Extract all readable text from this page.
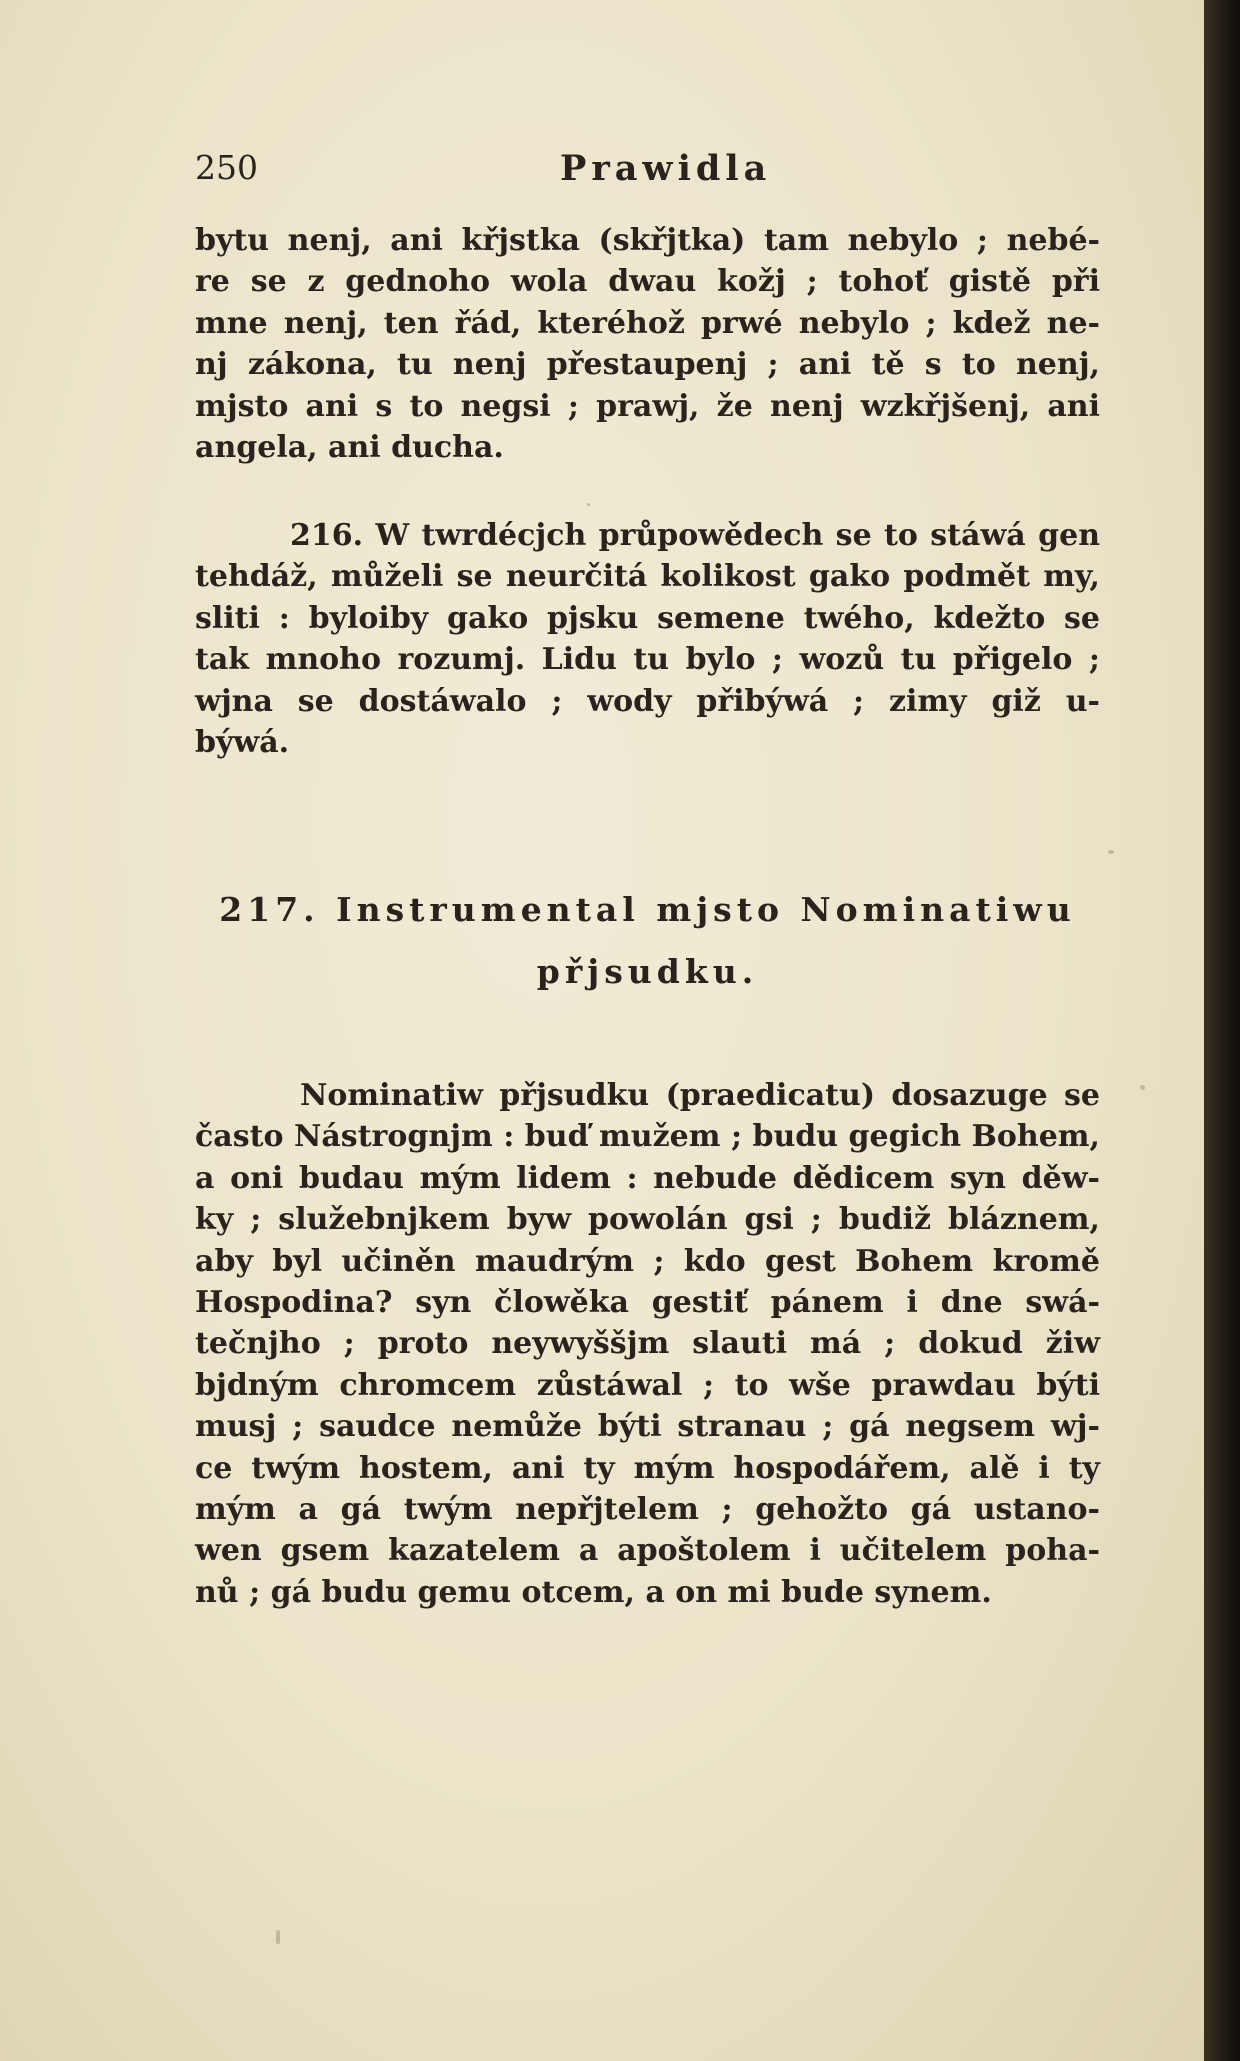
250	Prawidla
bytu nenj, ani křjstka (skřjtka) tam nebylo ; nebé-
re se z gednoho wola dwau kožj ; tohoť gistě při
mne nenj, ten řád, kteréhož prwé nebylo ; kdež ne-
nj zákona, tu nenj přestaupenj ; ani tě s to nenj,
mjsto ani s to negsi ; prawj, že nenj wzkřjšenj, ani
angela, ani ducha.
216. W twrdécjch průpowědech se to stáwá gen
tehdáž, můželi se neurčitá kolikost gako podmět my,
sliti : byloiby gako pjsku semene twého, kdežto se
tak mnoho rozumj. Lidu tu bylo ; wozů tu přigelo ;
wjna se dostáwalo ; wody přibýwá ; zimy giž u-
býwá.
217. Instrumental mjsto Nominatiwu
přjsudku.
Nominatiw přjsudku (praedicatu) dosazuge se
často Nástrognjm : buď mužem ; budu gegich Bohem,
a oni budau mým lidem : nebude dědicem syn děw-
ky ; služebnjkem byw powolán gsi ; budiž bláznem,
aby byl učiněn maudrým ; kdo gest Bohem kromě
Hospodina? syn člowěka gestiť pánem i dne swá-
tečnjho ; proto neywyššjm slauti má ; dokud žiw
bjdným chromcem zůstáwal ; to wše prawdau býti
musj ; saudce nemůže býti stranau ; gá negsem wj-
ce twým hostem, ani ty mým hospodářem, alě i ty
mým a gá twým nepřjtelem ; gehožto gá ustano-
wen gsem kazatelem a apoštolem i učitelem poha-
nů ; gá budu gemu otcem, a on mi bude synem.
